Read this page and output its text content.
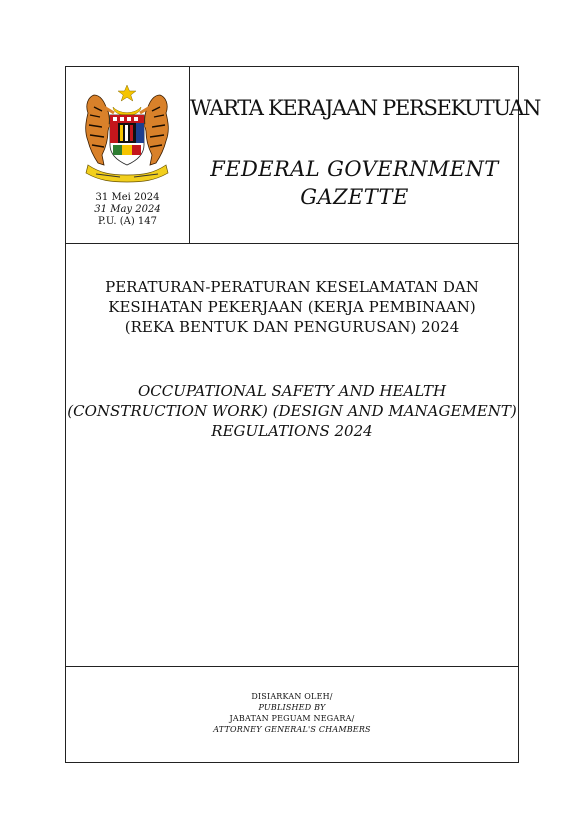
31 Mei 2024
31 May 2024
P.U. (A) 147
WARTA KERAJAAN PERSEKUTUAN
FEDERAL GOVERNMENT
GAZETTE
PERATURAN-PERATURAN KESELAMATAN DAN
KESIHATAN PEKERJAAN (KERJA PEMBINAAN)
(REKA BENTUK DAN PENGURUSAN) 2024
OCCUPATIONAL SAFETY AND HEALTH
(CONSTRUCTION WORK) (DESIGN AND MANAGEMENT)
REGULATIONS 2024
DISIARKAN OLEH/
PUBLISHED BY
JABATAN PEGUAM NEGARA/
ATTORNEY GENERAL'S CHAMBERS
